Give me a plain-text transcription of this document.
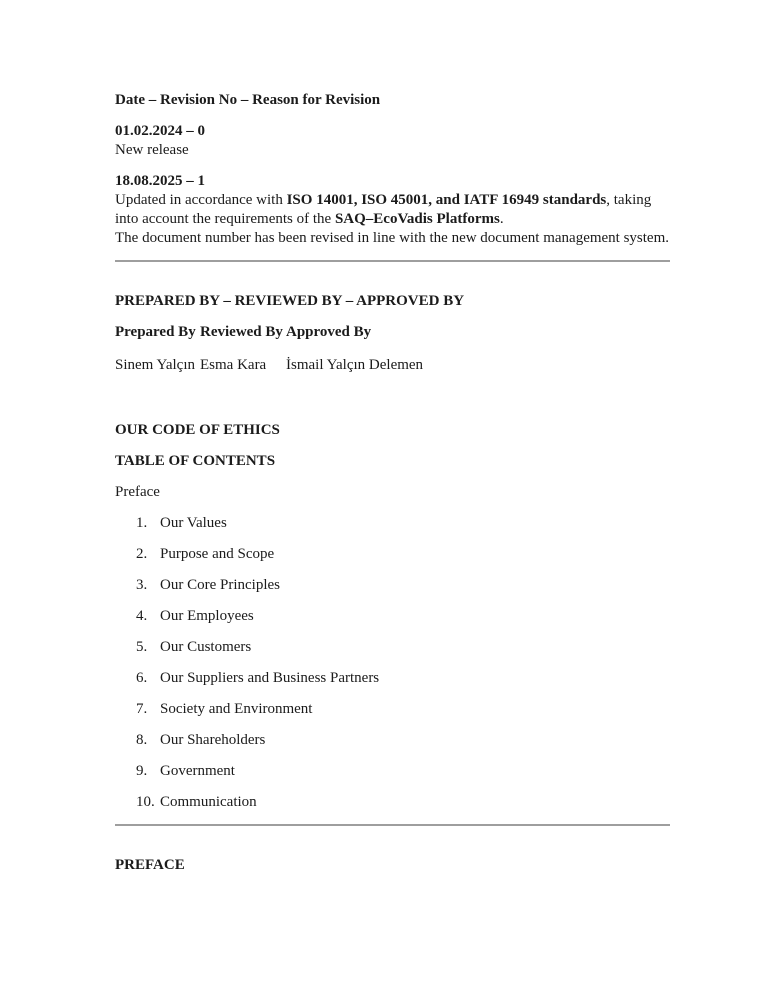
Date – Revision No – Reason for Revision

01.02.2024 – 0
New release

18.08.2025 – 1
Updated in accordance with ISO 14001, ISO 45001, and IATF 16949 standards, taking into account the requirements of the SAQ–EcoVadis Platforms.
The document number has been revised in line with the new document management system.

PREPARED BY – REVIEWED BY – APPROVED BY

Prepared By Reviewed By Approved By
Sinem Yalçın Esma Kara	İsmail Yalçın Delemen

OUR CODE OF ETHICS

TABLE OF CONTENTS

Preface

1. Our Values
2. Purpose and Scope
3. Our Core Principles
4. Our Employees
5. Our Customers
6. Our Suppliers and Business Partners
7. Society and Environment
8. Our Shareholders
9. Government
10. Communication

PREFACE
